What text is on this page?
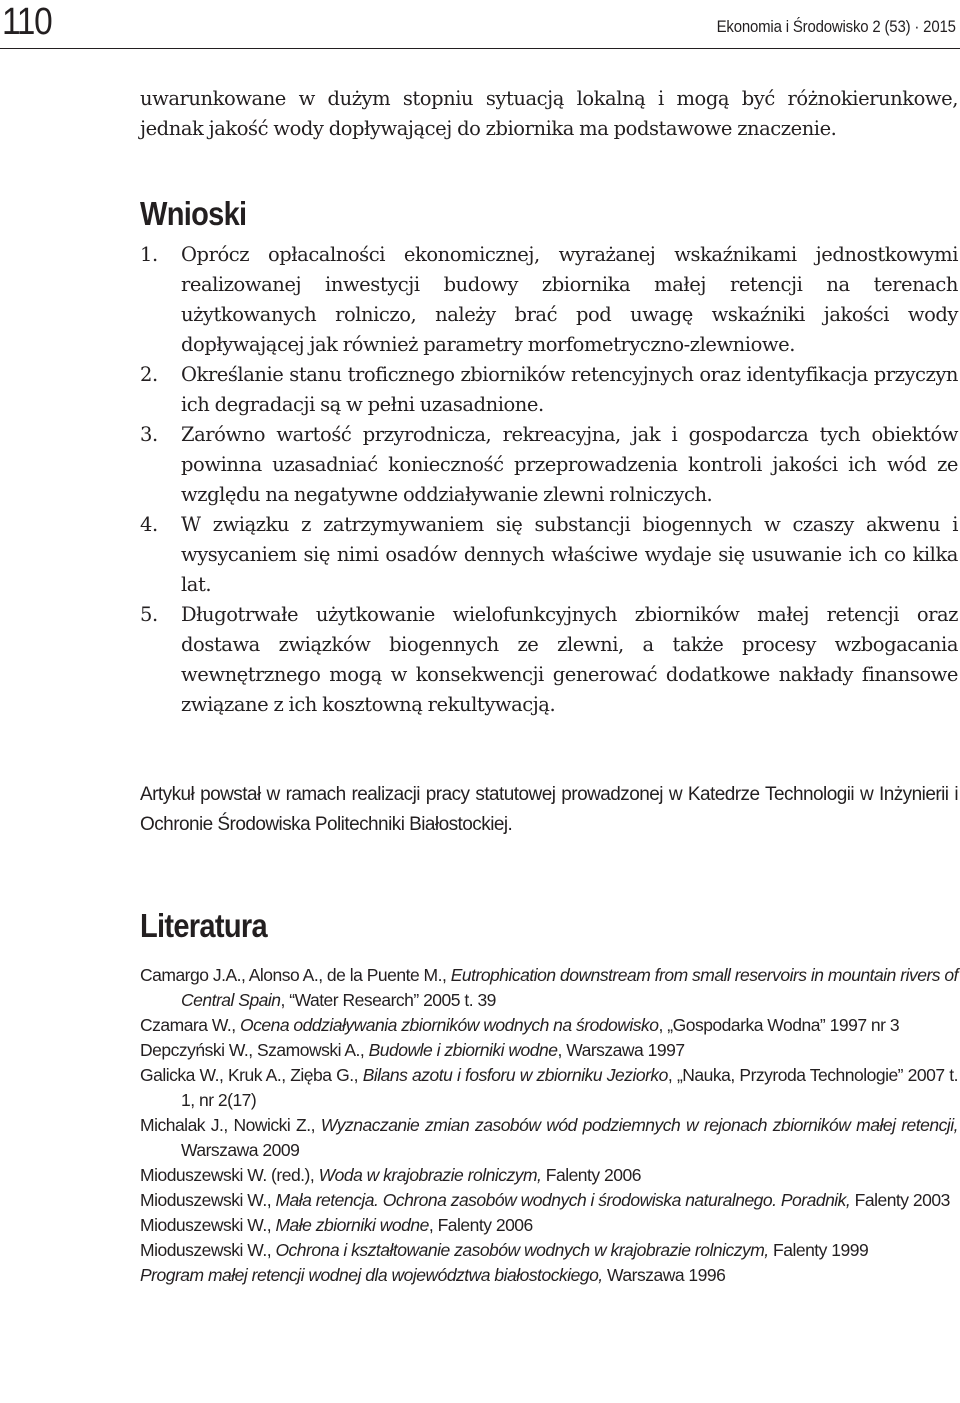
110	Ekonomia i Środowisko 2 (53) · 2015

uwarunkowane w dużym stopniu sytuacją lokalną i mogą być różnokierunkowe, jednak jakość wody dopływającej do zbiornika ma podstawowe znaczenie.

Wnioski
1. Oprócz opłacalności ekonomicznej, wyrażanej wskaźnikami jednostkowymi realizowanej inwestycji budowy zbiornika małej retencji na terenach użytkowanych rolniczo, należy brać pod uwagę wskaźniki jakości wody dopływającej jak również parametry morfometryczno-zlewniowe.
2. Określanie stanu troficznego zbiorników retencyjnych oraz identyfikacja przyczyn ich degradacji są w pełni uzasadnione.
3. Zarówno wartość przyrodnicza, rekreacyjna, jak i gospodarcza tych obiektów powinna uzasadniać konieczność przeprowadzenia kontroli jakości ich wód ze względu na negatywne oddziaływanie zlewni rolniczych.
4. W związku z zatrzymywaniem się substancji biogennych w czaszy akwenu i wysycaniem się nimi osadów dennych właściwe wydaje się usuwanie ich co kilka lat.
5. Długotrwałe użytkowanie wielofunkcyjnych zbiorników małej retencji oraz dostawa związków biogennych ze zlewni, a także procesy wzbogacania wewnętrznego mogą w konsekwencji generować dodatkowe nakłady finansowe związane z ich kosztowną rekultywacją.

Artykuł powstał w ramach realizacji pracy statutowej prowadzonej w Katedrze Technologii w Inżynierii i Ochronie Środowiska Politechniki Białostockiej.

Literatura
Camargo J.A., Alonso A., de la Puente M., Eutrophication downstream from small reservoirs in mountain rivers of Central Spain, “Water Research” 2005 t. 39
Czamara W., Ocena oddziaływania zbiorników wodnych na środowisko, „Gospodarka Wodna” 1997 nr 3
Depczyński W., Szamowski A., Budowle i zbiorniki wodne, Warszawa 1997
Galicka W., Kruk A., Zięba G., Bilans azotu i fosforu w zbiorniku Jeziorko, „Nauka, Przyroda Technologie” 2007 t. 1, nr 2(17)
Michalak J., Nowicki Z., Wyznaczanie zmian zasobów wód podziemnych w rejonach zbiorników małej retencji, Warszawa 2009
Mioduszewski W. (red.), Woda w krajobrazie rolniczym, Falenty 2006
Mioduszewski W., Mała retencja. Ochrona zasobów wodnych i środowiska naturalnego. Poradnik, Falenty 2003
Mioduszewski W., Małe zbiorniki wodne, Falenty 2006
Mioduszewski W., Ochrona i kształtowanie zasobów wodnych w krajobrazie rolniczym, Falenty 1999
Program małej retencji wodnej dla województwa białostockiego, Warszawa 1996
